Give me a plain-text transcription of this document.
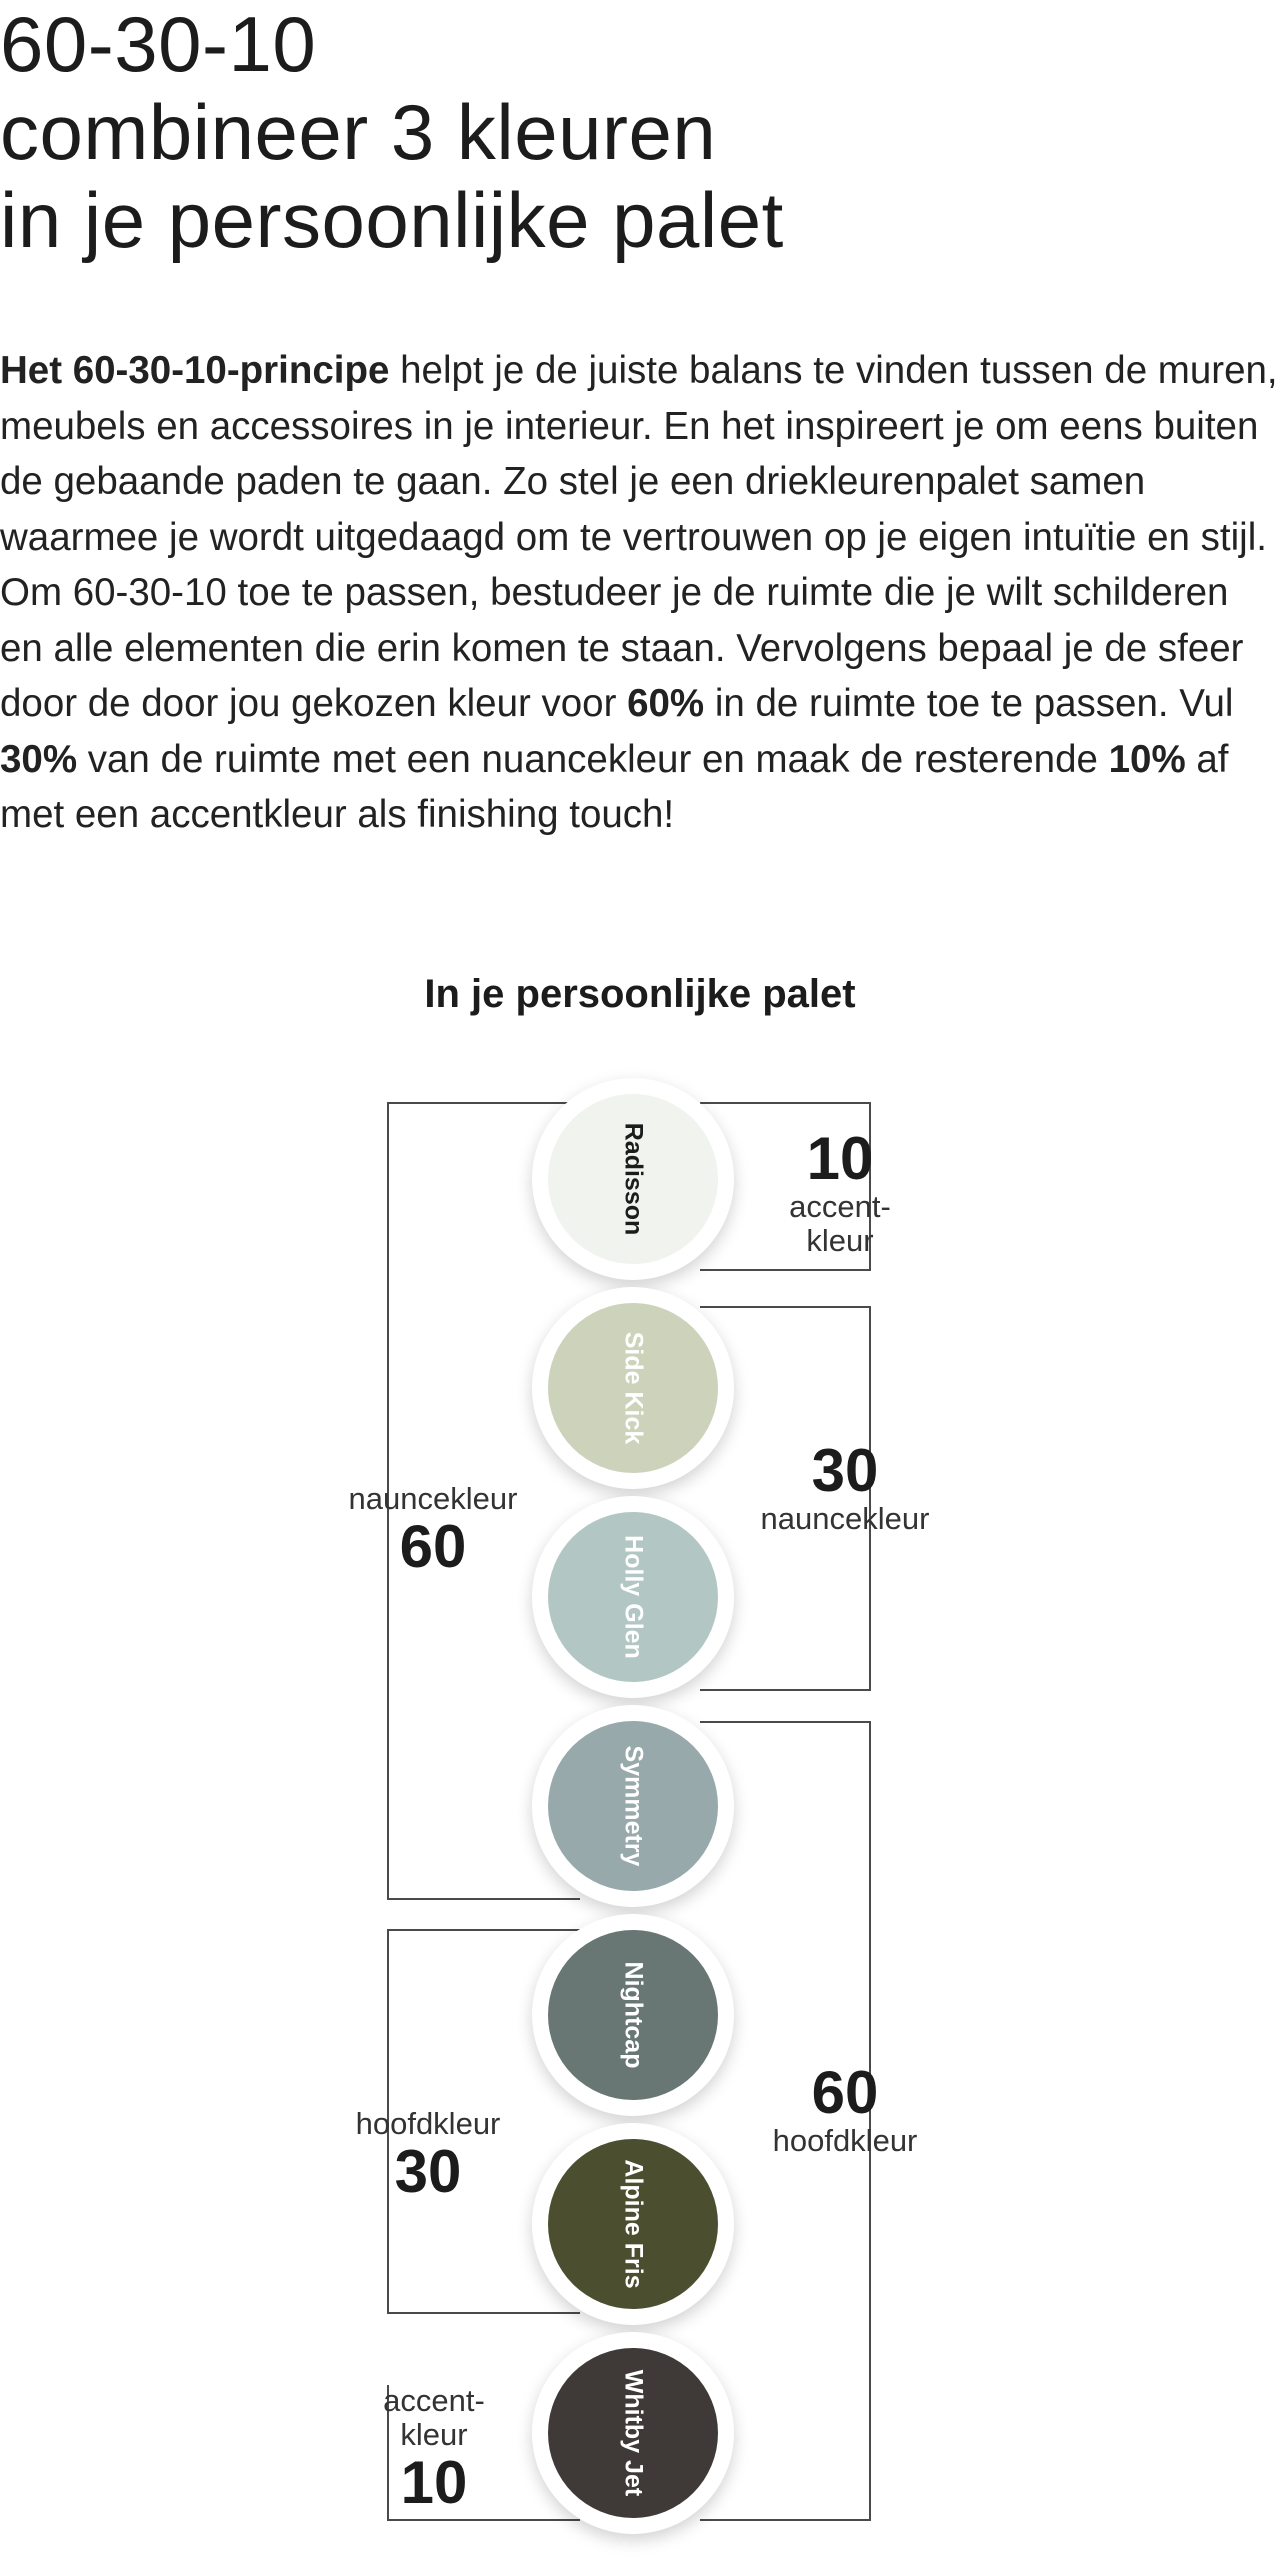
60-30-10
combineer 3 kleuren
in je persoonlijke palet

Het 60-30-10-principe helpt je de juiste balans te vinden tussen de muren, meubels en accessoires in je interieur. En het inspireert je om eens buiten de gebaande paden te gaan. Zo stel je een driekleurenpalet samen waarmee je wordt uitgedaagd om te vertrouwen op je eigen intuïtie en stijl. Om 60-30-10 toe te passen, bestudeer je de ruimte die je wilt schilderen en alle elementen die erin komen te staan. Vervolgens bepaal je de sfeer door de door jou gekozen kleur voor 60% in de ruimte toe te passen. Vul 30% van de ruimte met een nuancekleur en maak de resterende 10% af met een accentkleur als finishing touch!

In je persoonlijke palet
Radisson
Side Kick
Holly Glen
Symmetry
Nightcap
Alpine Fris
Whitby Jet
10
accent-
kleur
30
nauncekleur
60
hoofdkleur
nauncekleur
60
hoofdkleur
30
accent-
kleur
10
